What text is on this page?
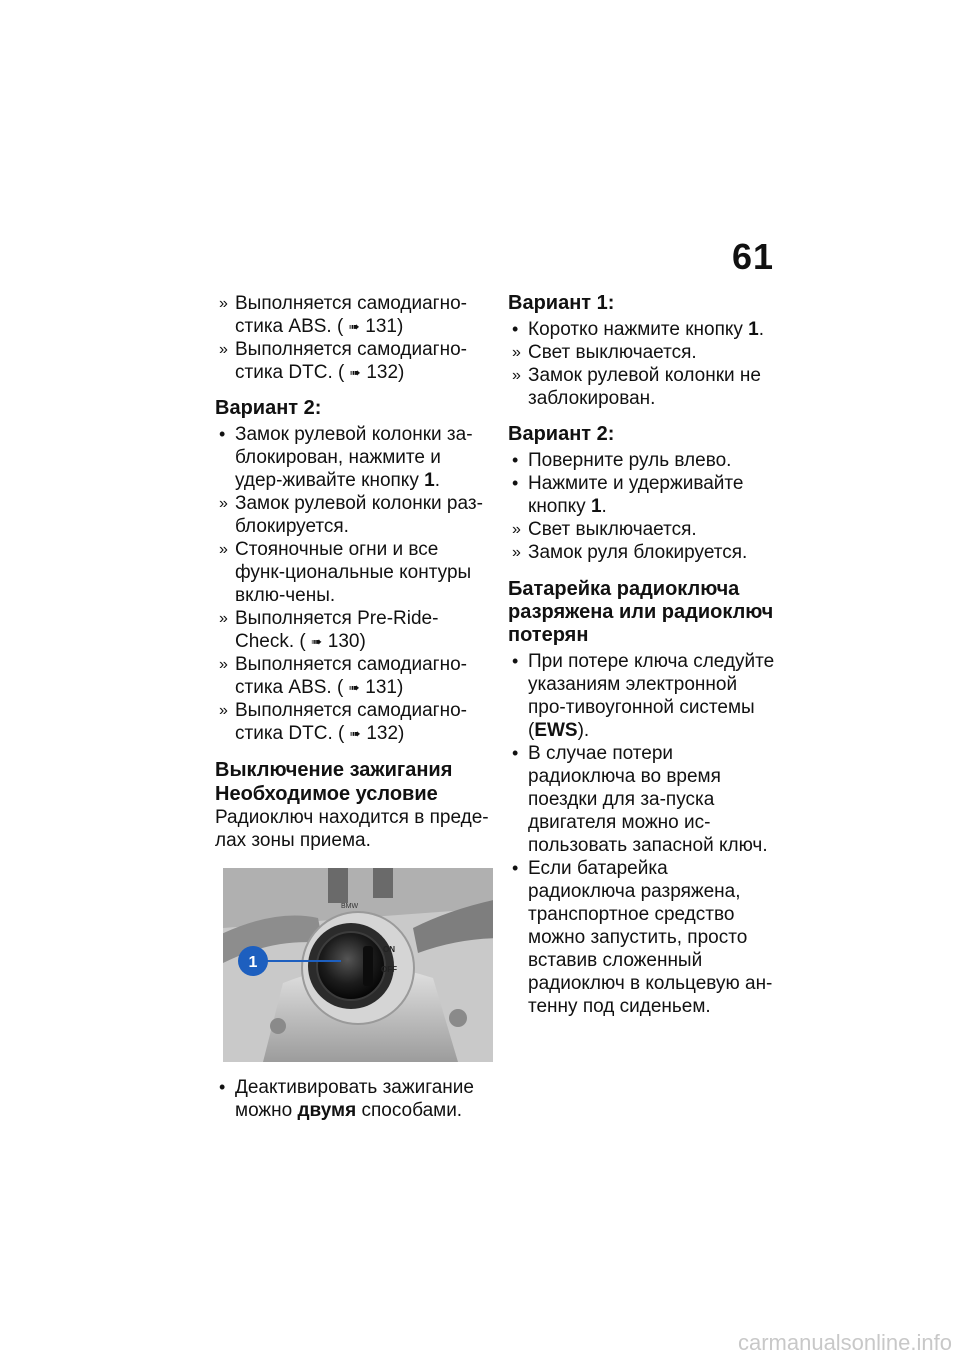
61

» Выполняется самодиагно-стика ABS. ( ➠ 131)

» Выполняется самодиагно-стика DTC. ( ➠ 132)

Вариант 2:

• Замок рулевой колонки за-блокирован, нажмите и удер-живайте кнопку 1.

» Замок рулевой колонки раз-блокируется.

» Стояночные огни и все функ-циональные контуры вклю-чены.

» Выполняется Pre-Ride-Check. ( ➠ 130)

» Выполняется самодиагно-стика ABS. ( ➠ 131)

» Выполняется самодиагно-стика DTC. ( ➠ 132)

Выключение зажигания
Необходимое условие

Радиоключ находится в преде-лах зоны приема.

BMW
ON
OFF
1

• Деактивировать зажигание можно двумя способами.

Вариант 1:

• Коротко нажмите кнопку 1.

» Свет выключается.

» Замок рулевой колонки не заблокирован.

Вариант 2:

• Поверните руль влево.

• Нажмите и удерживайте кнопку 1.

» Свет выключается.

» Замок руля блокируется.

Батарейка радиоключа разряжена или радиоключ потерян

• При потере ключа следуйте указаниям электронной про-тивоугонной системы (EWS).

• В случае потери радиоключа во время поездки для за-пуска двигателя можно ис-пользовать запасной ключ.

• Если батарейка радиоключа разряжена, транспортное средство можно запустить, просто вставив сложенный радиоключ в кольцевую ан-тенну под сиденьем.

carmanualsonline.info
